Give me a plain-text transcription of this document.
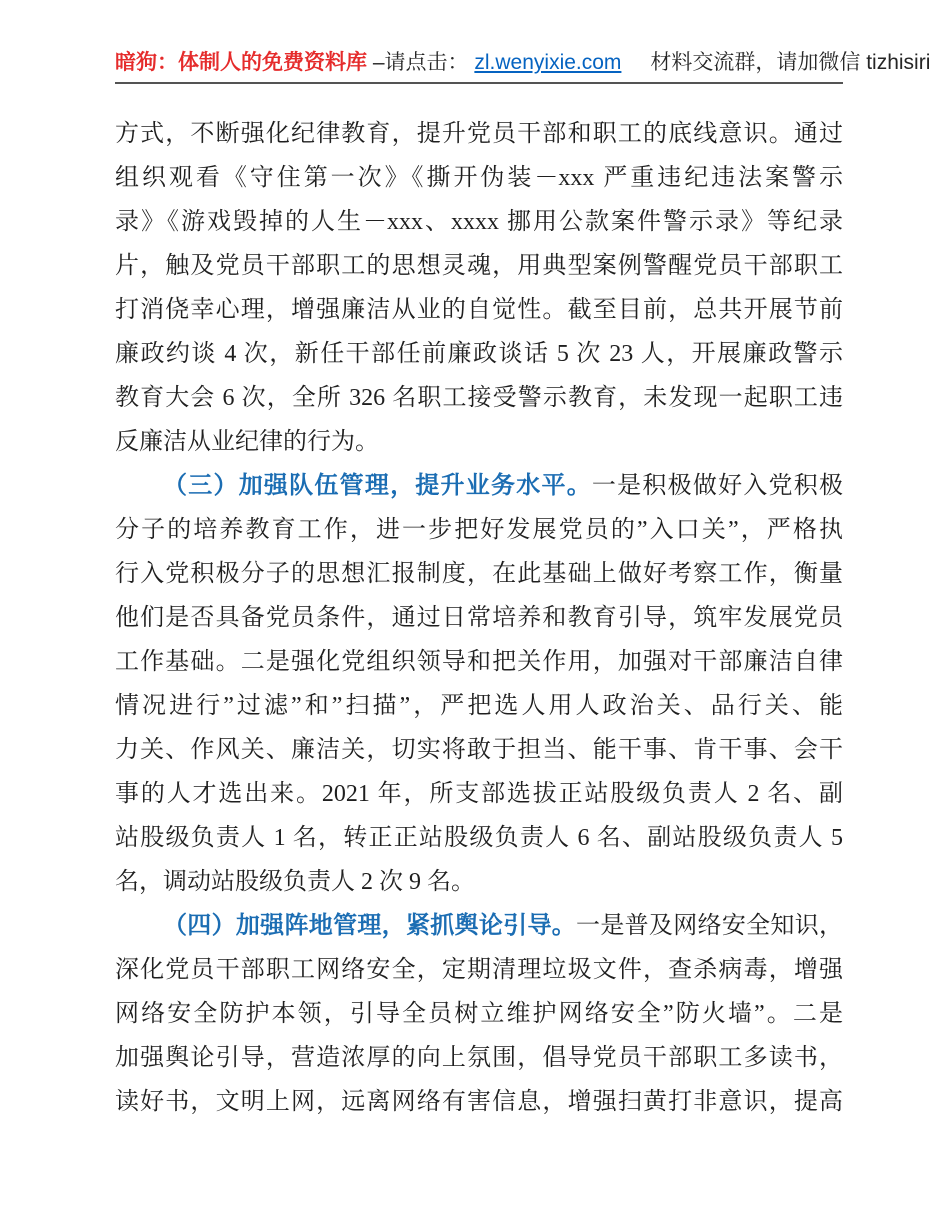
暗狗：体制人的免费资料库 –请点击： zl.wenyixie.com 材料交流群，请加微信 tizhisiri
方式，不断强化纪律教育，提升党员干部和职工的底线意识。通过
组织观看《守住第一次》《撕开伪装－xxx 严重违纪违法案警示
录》《游戏毁掉的人生－xxx、xxxx 挪用公款案件警示录》等纪录
片，触及党员干部职工的思想灵魂，用典型案例警醒党员干部职工
打消侥幸心理，增强廉洁从业的自觉性。截至目前，总共开展节前
廉政约谈 4 次，新任干部任前廉政谈话 5 次 23 人，开展廉政警示
教育大会 6 次，全所 326 名职工接受警示教育，未发现一起职工违
反廉洁从业纪律的行为。
（三）加强队伍管理，提升业务水平。一是积极做好入党积极
分子的培养教育工作，进一步把好发展党员的”入口关”，严格执
行入党积极分子的思想汇报制度，在此基础上做好考察工作，衡量
他们是否具备党员条件，通过日常培养和教育引导，筑牢发展党员
工作基础。二是强化党组织领导和把关作用，加强对干部廉洁自律
情况进行”过滤”和”扫描”，严把选人用人政治关、品行关、能
力关、作风关、廉洁关，切实将敢于担当、能干事、肯干事、会干
事的人才选出来。2021 年，所支部选拔正站股级负责人 2 名、副
站股级负责人 1 名，转正正站股级负责人 6 名、副站股级负责人 5
名，调动站股级负责人 2 次 9 名。
（四）加强阵地管理，紧抓舆论引导。一是普及网络安全知识，
深化党员干部职工网络安全，定期清理垃圾文件，查杀病毒，增强
网络安全防护本领，引导全员树立维护网络安全”防火墙”。二是
加强舆论引导，营造浓厚的向上氛围，倡导党员干部职工多读书，
读好书，文明上网，远离网络有害信息，增强扫黄打非意识，提高
